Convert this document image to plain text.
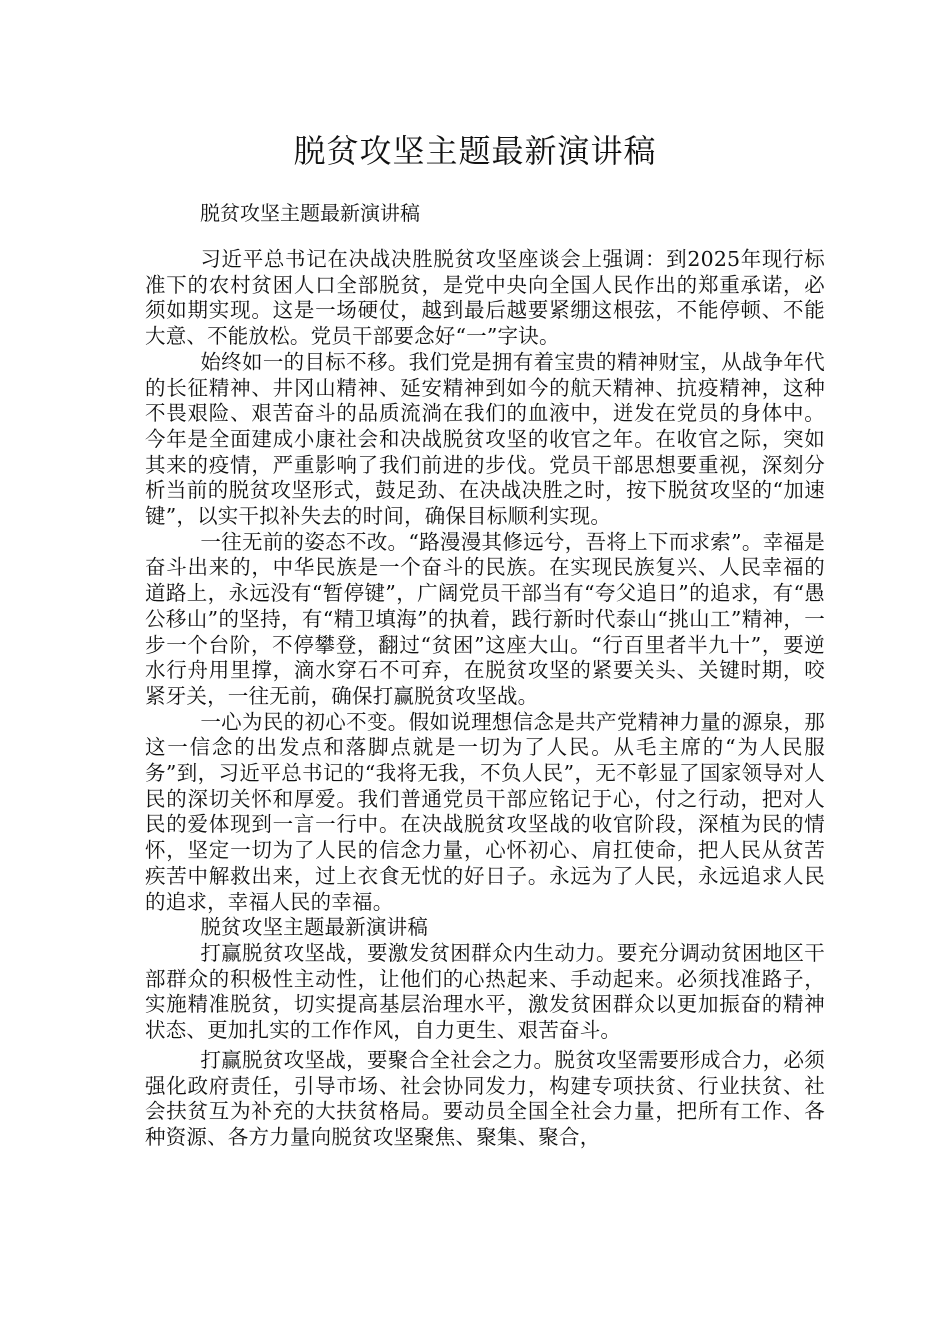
脱贫攻坚主题最新演讲稿
脱贫攻坚主题最新演讲稿

习近平总书记在决战决胜脱贫攻坚座谈会上强调：到2025年现行标准下的农村贫困人口全部脱贫，是党中央向全国人民作出的郑重承诺，必须如期实现。这是一场硬仗，越到最后越要紧绷这根弦，不能停顿、不能大意、不能放松。党员干部要念好“一”字诀。

始终如一的目标不移。我们党是拥有着宝贵的精神财宝，从战争年代的长征精神、井冈山精神、延安精神到如今的航天精神、抗疫精神，这种不畏艰险、艰苦奋斗的品质流淌在我们的血液中，迸发在党员的身体中。今年是全面建成小康社会和决战脱贫攻坚的收官之年。在收官之际，突如其来的疫情，严重影响了我们前进的步伐。党员干部思想要重视，深刻分析当前的脱贫攻坚形式，鼓足劲、在决战决胜之时，按下脱贫攻坚的“加速键”，以实干拟补失去的时间，确保目标顺利实现。

一往无前的姿态不改。“路漫漫其修远兮，吾将上下而求索”。幸福是奋斗出来的，中华民族是一个奋斗的民族。在实现民族复兴、人民幸福的道路上，永远没有“暂停键”，广阔党员干部当有“夸父追日”的追求，有“愚公移山”的坚持，有“精卫填海”的执着，践行新时代泰山“挑山工”精神，一步一个台阶，不停攀登，翻过“贫困”这座大山。“行百里者半九十”，要逆水行舟用里撑，滴水穿石不可弃，在脱贫攻坚的紧要关头、关键时期，咬紧牙关，一往无前，确保打赢脱贫攻坚战。

一心为民的初心不变。假如说理想信念是共产党精神力量的源泉，那这一信念的出发点和落脚点就是一切为了人民。从毛主席的“为人民服务”到，习近平总书记的“我将无我，不负人民”，无不彰显了国家领导对人民的深切关怀和厚爱。我们普通党员干部应铭记于心，付之行动，把对人民的爱体现到一言一行中。在决战脱贫攻坚战的收官阶段，深植为民的情怀，坚定一切为了人民的信念力量，心怀初心、肩扛使命，把人民从贫苦疾苦中解救出来，过上衣食无忧的好日子。永远为了人民，永远追求人民的追求，幸福人民的幸福。

脱贫攻坚主题最新演讲稿

打赢脱贫攻坚战，要激发贫困群众内生动力。要充分调动贫困地区干部群众的积极性主动性，让他们的心热起来、手动起来。必须找准路子，实施精准脱贫，切实提高基层治理水平，激发贫困群众以更加振奋的精神状态、更加扎实的工作作风，自力更生、艰苦奋斗。

打赢脱贫攻坚战，要聚合全社会之力。脱贫攻坚需要形成合力，必须强化政府责任，引导市场、社会协同发力，构建专项扶贫、行业扶贫、社会扶贫互为补充的大扶贫格局。要动员全国全社会力量，把所有工作、各种资源、各方力量向脱贫攻坚聚焦、聚集、聚合，
